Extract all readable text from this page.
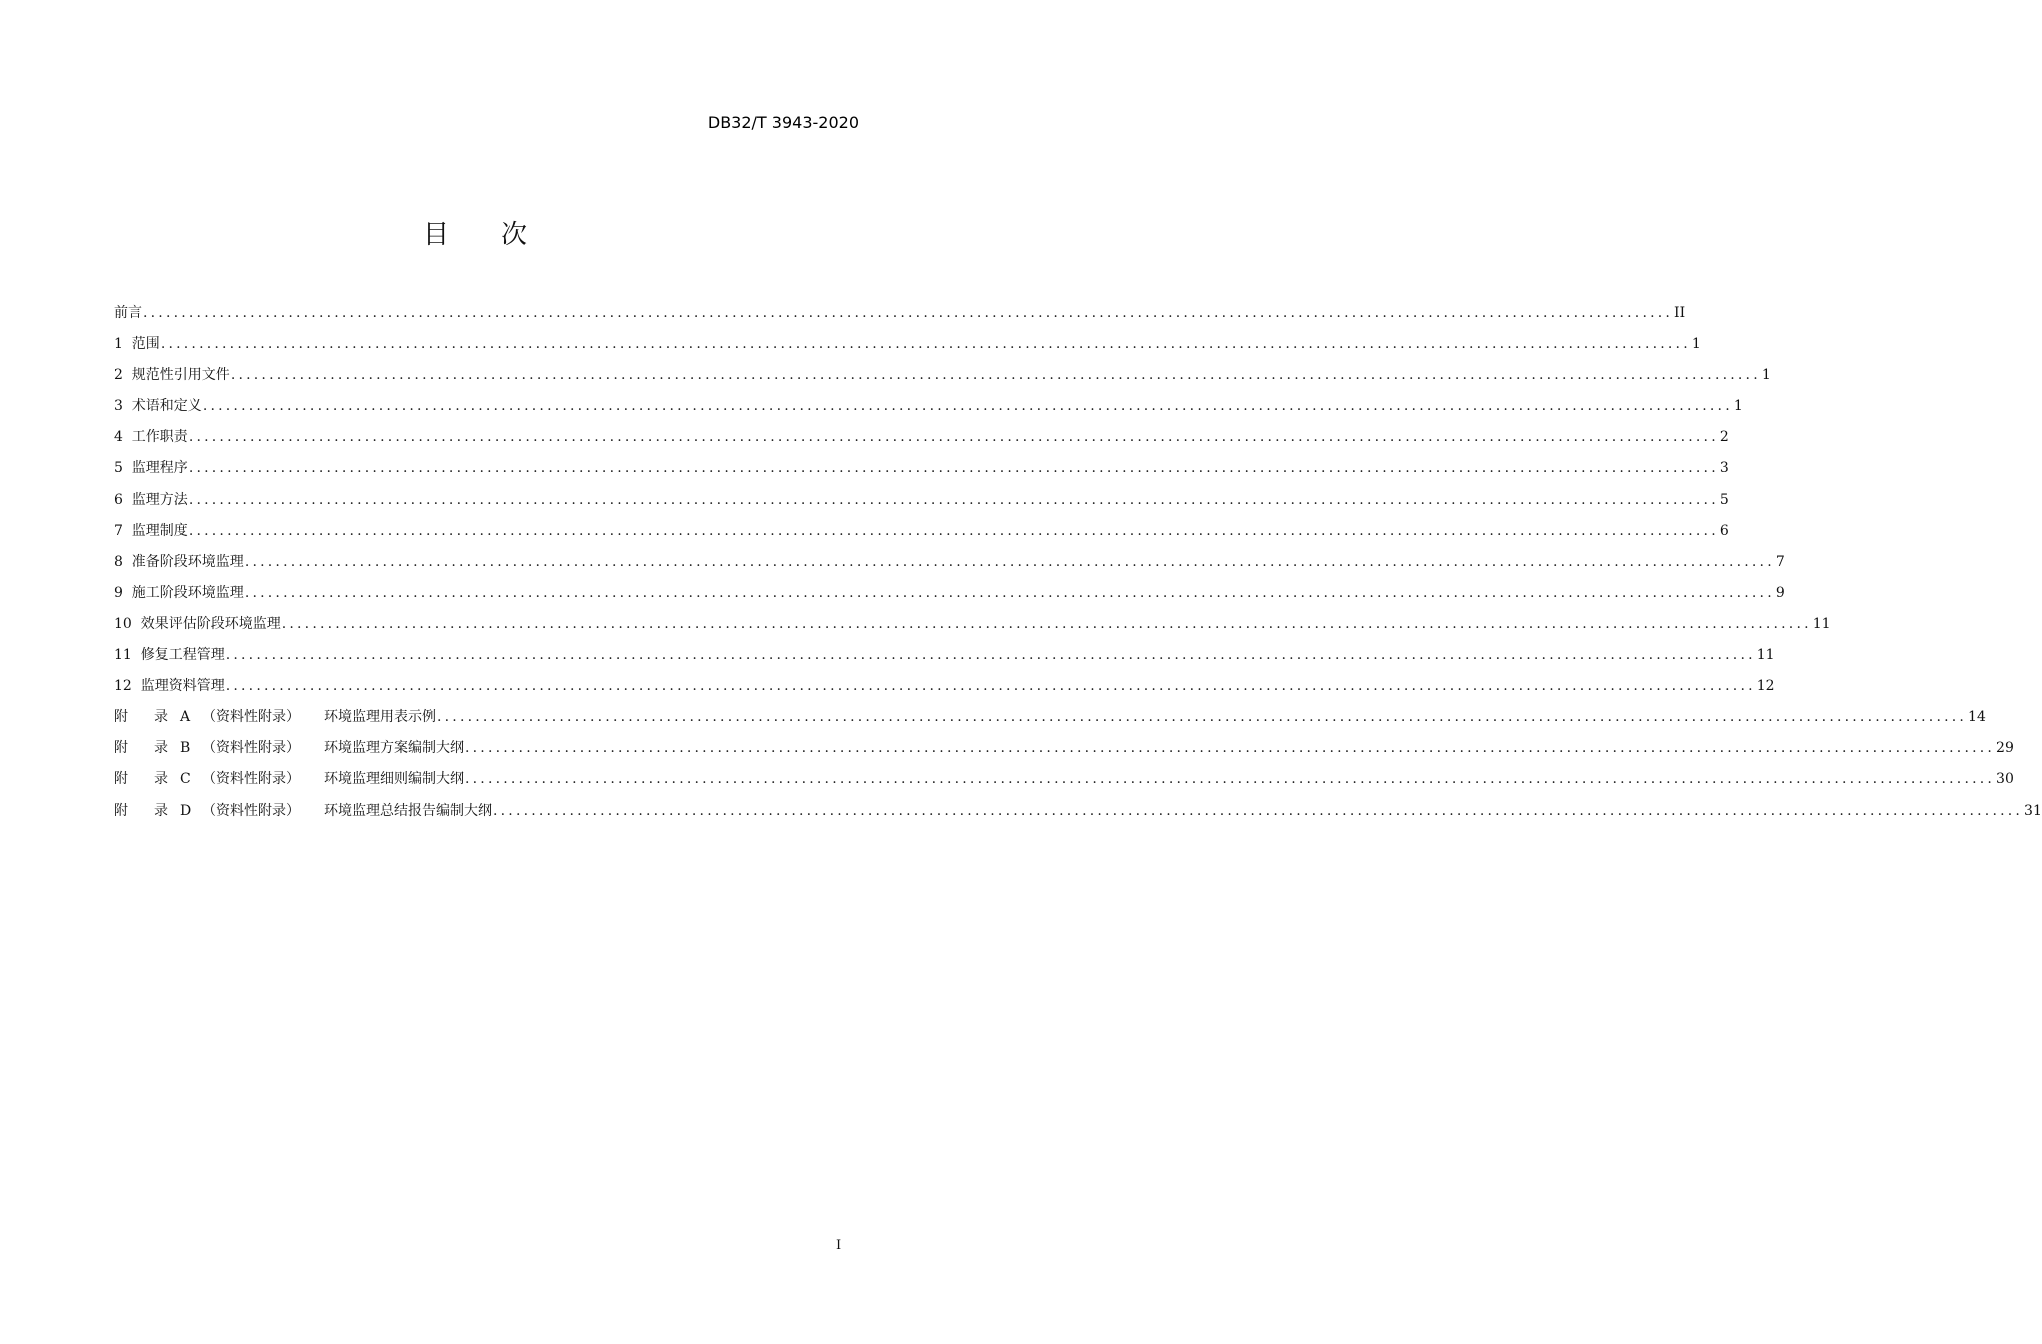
DB32/T 3943-2020
目 次
前言 ........................................................................................................................................................................................................ II
1  范围 ........................................................................................................................................................................................................ 1
2  规范性引用文件 ........................................................................................................................................................................................................ 1
3  术语和定义 ........................................................................................................................................................................................................ 1
4  工作职责 ........................................................................................................................................................................................................ 2
5  监理程序 ........................................................................................................................................................................................................ 3
6  监理方法 ........................................................................................................................................................................................................ 5
7  监理制度 ........................................................................................................................................................................................................ 6
8  准备阶段环境监理 ........................................................................................................................................................................................................ 7
9  施工阶段环境监理 ........................................................................................................................................................................................................ 9
10  效果评估阶段环境监理 ........................................................................................................................................................................................................ 11
11  修复工程管理 ........................................................................................................................................................................................................ 11
12  监理资料管理 ........................................................................................................................................................................................................ 12
附 录 A （资料性附录） 环境监理用表示例 ........................................................................................................................................................................................................ 14
附 录 B （资料性附录） 环境监理方案编制大纲 ........................................................................................................................................................................................................ 29
附 录 C （资料性附录） 环境监理细则编制大纲 ........................................................................................................................................................................................................ 30
附 录 D （资料性附录） 环境监理总结报告编制大纲 ........................................................................................................................................................................................................ 31
I
